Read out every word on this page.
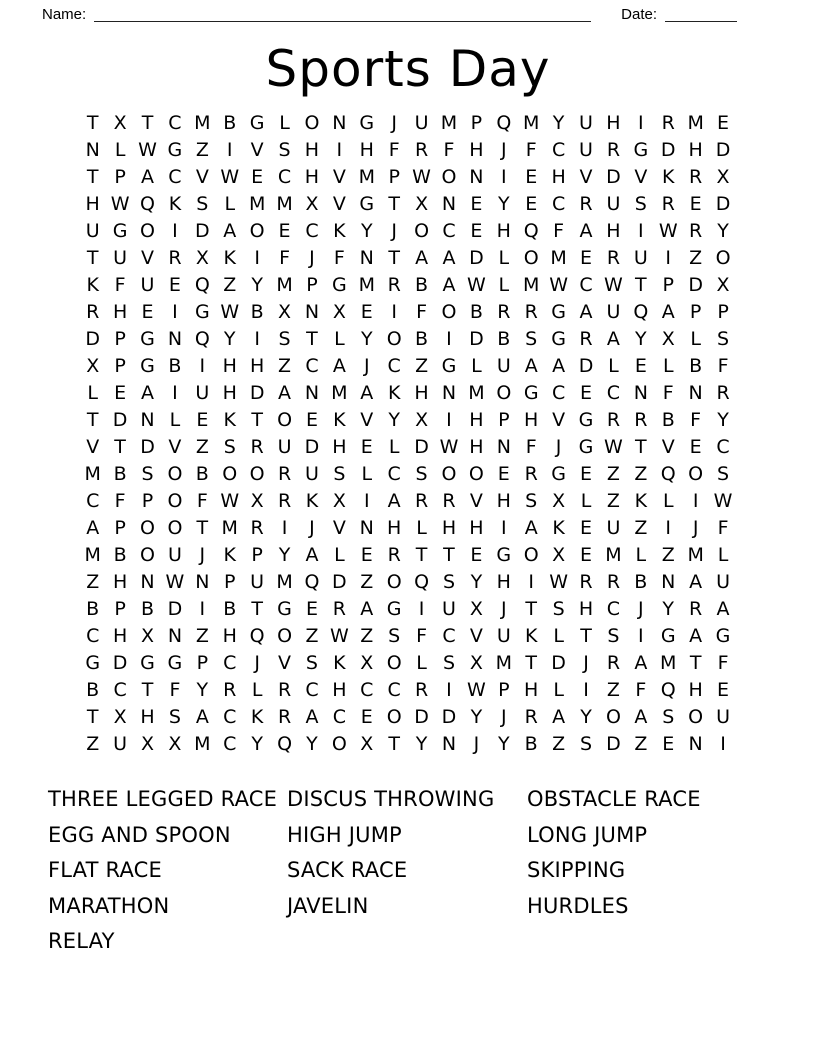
Name:	Date:
Sports Day
T X T C M B G L O N G J U M P Q M Y U H I R M E
N L W G Z I V S H I H F R F H J	F C U R G D H D
T P A C V W E C H V M P W O N I E H V D V K R X
H W Q K S L M M X V G T X N E Y E C R U S R E D
U G O I D A O E C K Y J O C E H Q F A H I W R Y
T U V R X K I	F	J	F N T A A D L O M E R U I Z O
K F U E Q Z Y M P G M R B A W L M W C W T P D X
R H E I G W B X N X E I	F O B R R G A U Q A P P
D P G N Q Y I S T L Y O B I D B S G R A Y X L S
X P G B I H H Z C A J C Z G L U A A D L E L B F
L E A I U H D A N M A K H N M O G C E C N F N R
T D N L E K T O E K V Y X I H P H V G R R B F Y
V T D V Z S R U D H E L D W H N F	J G W T V E C
M B S O B O O R U S L C S O O E R G E Z Z Q O S
C F P O F W X R K X I A R R V H S X L Z K L	I W
A P O O T M R I	J V N H L H H I A K E U Z I	J	F
M B O U J K P Y A L E R T T E G O X E M L Z M L
Z H N W N P U M Q D Z O Q S Y H I W R R B N A U
B P B D I B T G E R A G I U X J T S H C J Y R A
C H X N Z H Q O Z W Z S F C V U K L T S I G A G
G D G G P C J V S K X O L S X M T D J R A M T F
B C T F Y R L R C H C C R I W P H L	I Z F Q H E
T X H S A C K R A C E O D D Y J R A Y O A S O U
Z U X X M C Y Q Y O X T Y N J Y B Z S D Z E N I
THREE LEGGED RACE
EGG AND SPOON
FLAT RACE
MARATHON
RELAY
DISCUS THROWING
HIGH JUMP
SACK RACE
JAVELIN
OBSTACLE RACE
LONG JUMP
SKIPPING
HURDLES
